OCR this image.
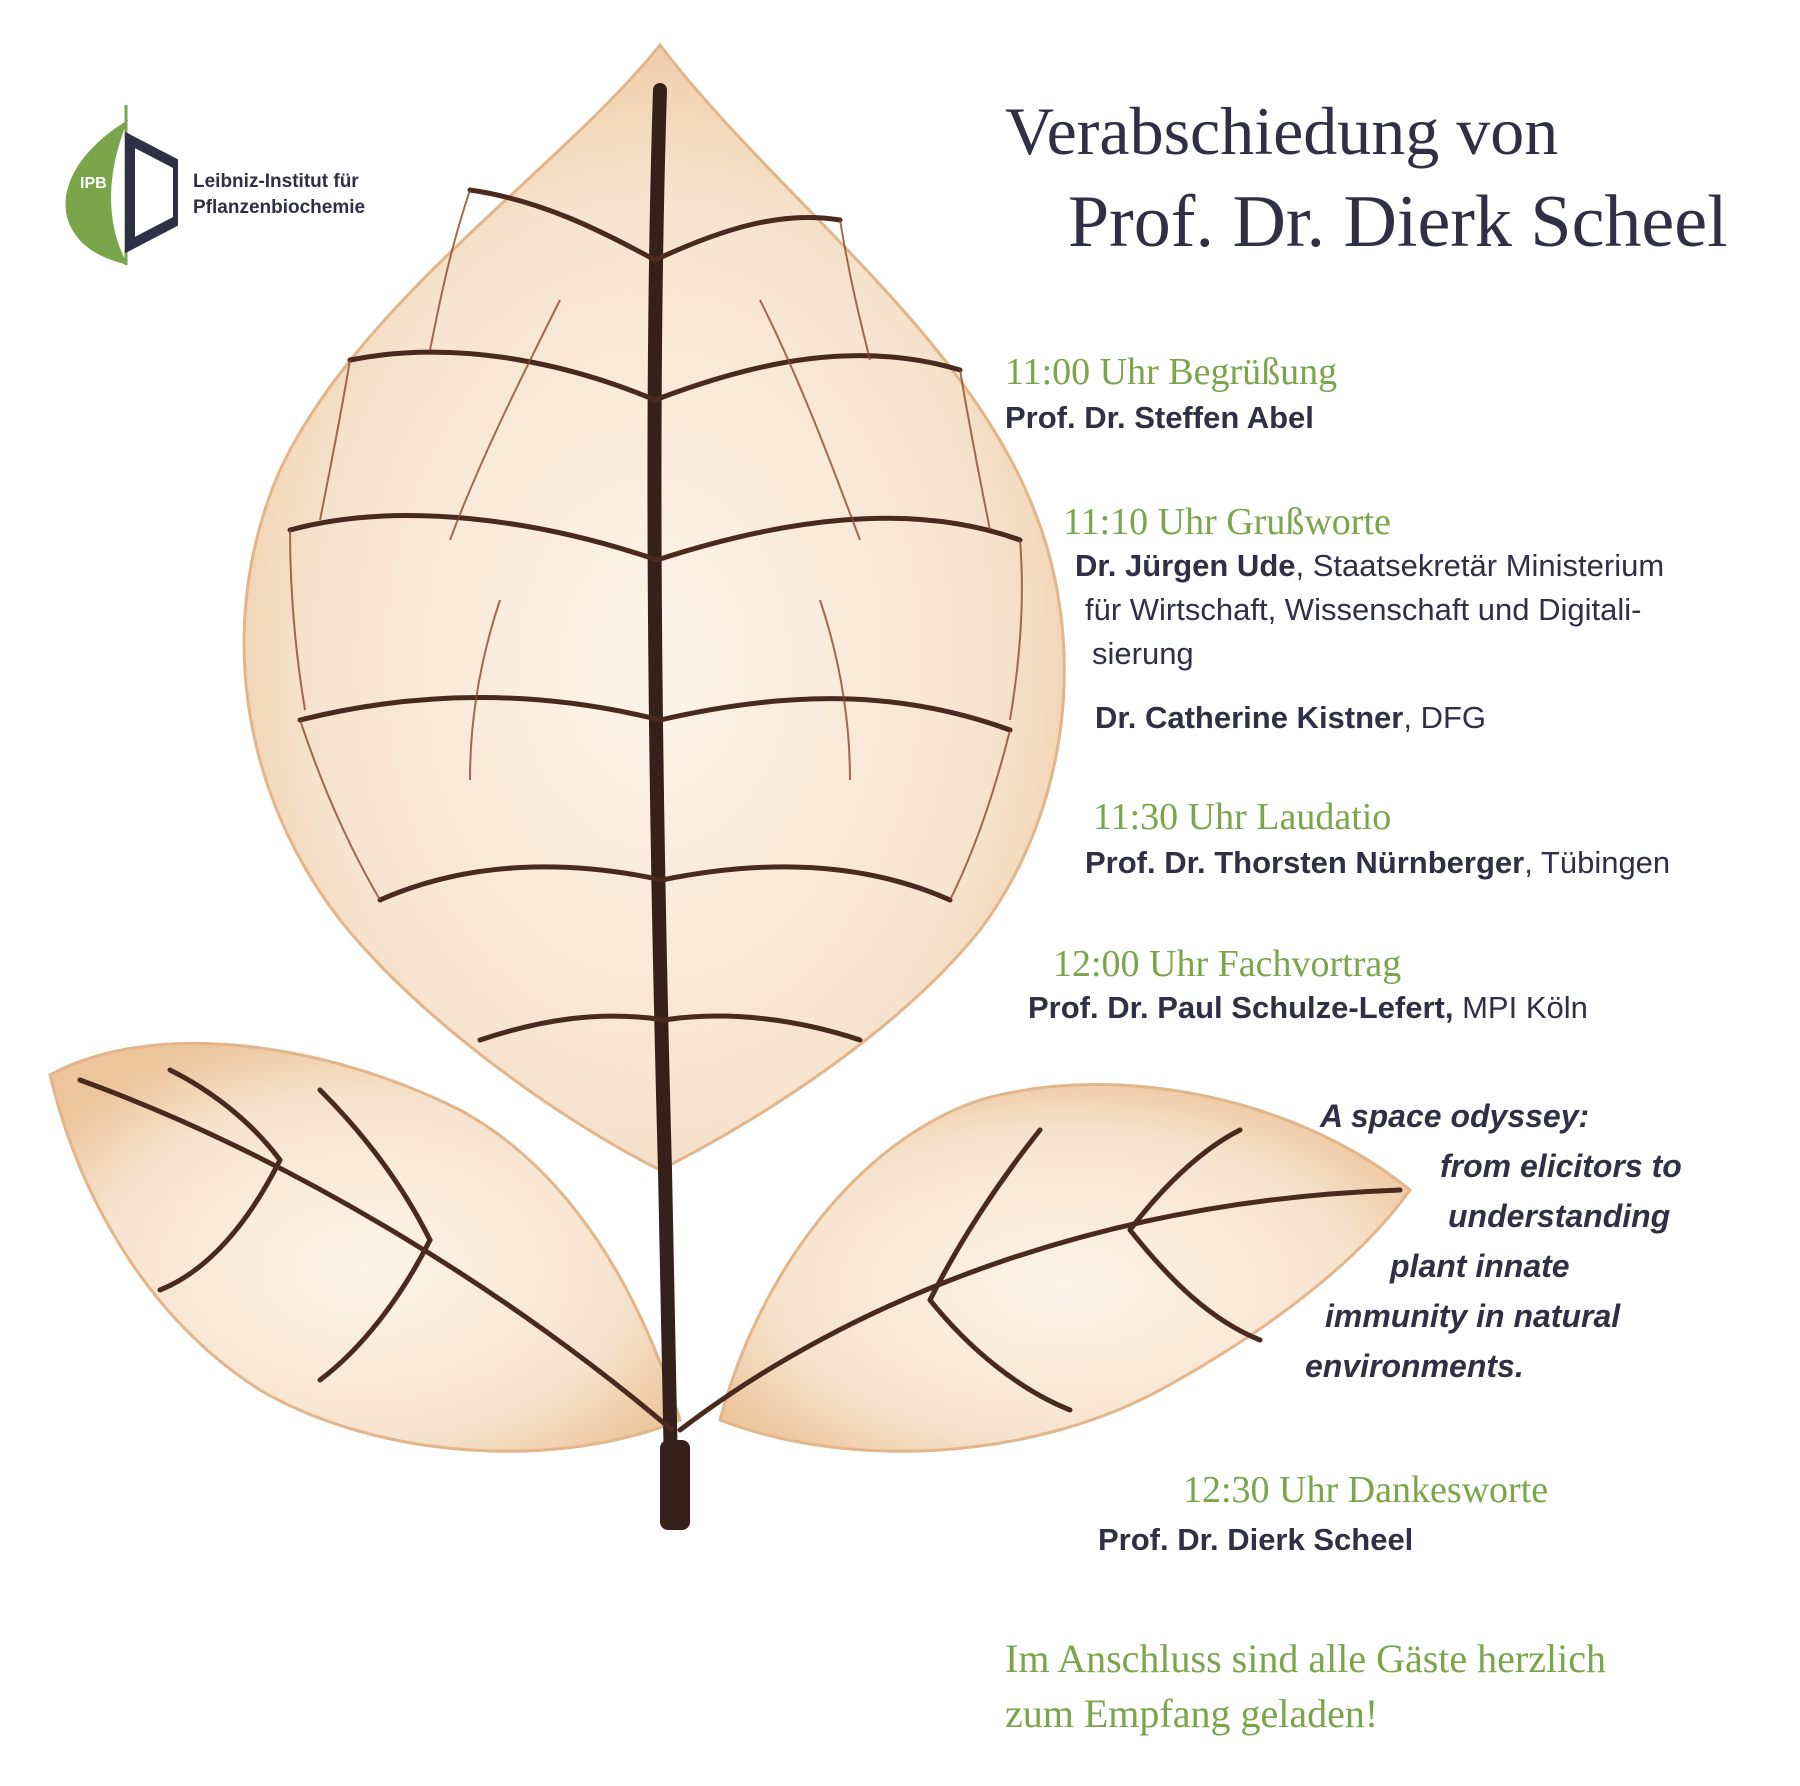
IPB	Leibniz-Institut für
Pflanzenbiochemie
Verabschiedung von
Prof. Dr. Dierk Scheel
11:00 Uhr Begrüßung
Prof. Dr. Steffen Abel
11:10 Uhr Grußworte
Dr. Jürgen Ude, Staatsekretär Ministerium
für Wirtschaft, Wissenschaft und Digitali-
sierung
Dr. Catherine Kistner, DFG
11:30 Uhr Laudatio
Prof. Dr. Thorsten Nürnberger, Tübingen
12:00 Uhr Fachvortrag
Prof. Dr. Paul Schulze-Lefert, MPI Köln
A space odyssey:
from elicitors to
understanding
plant innate
immunity in natural
environments.
12:30 Uhr Dankesworte
Prof. Dr. Dierk Scheel
Im Anschluss sind alle Gäste herzlich
zum Empfang geladen!
